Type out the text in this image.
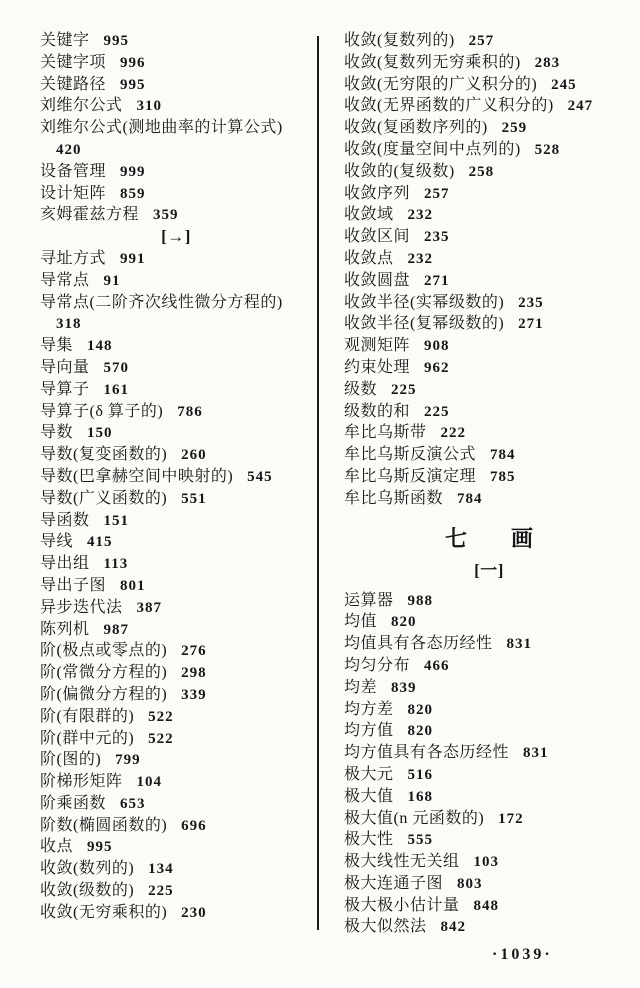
关键字 995
关键字项 996
关键路径 995
刘维尔公式 310
刘维尔公式(测地曲率的计算公式)
420
设备管理 999
设计矩阵 859
亥姆霍兹方程 359
[→]
寻址方式 991
导常点 91
导常点(二阶齐次线性微分方程的)
318
导集 148
导向量 570
导算子 161
导算子(δ 算子的) 786
导数 150
导数(复变函数的) 260
导数(巴拿赫空间中映射的) 545
导数(广义函数的) 551
导函数 151
导线 415
导出组 113
导出子图 801
异步迭代法 387
陈列机 987
阶(极点或零点的) 276
阶(常微分方程的) 298
阶(偏微分方程的) 339
阶(有限群的) 522
阶(群中元的) 522
阶(图的) 799
阶梯形矩阵 104
阶乘函数 653
阶数(椭圆函数的) 696
收点 995
收敛(数列的) 134
收敛(级数的) 225
收敛(无穷乘积的) 230
收敛(复数列的) 257
收敛(复数列无穷乘积的) 283
收敛(无穷限的广义积分的) 245
收敛(无界函数的广义积分的) 247
收敛(复函数序列的) 259
收敛(度量空间中点列的) 528
收敛的(复级数) 258
收敛序列 257
收敛域 232
收敛区间 235
收敛点 232
收敛圆盘 271
收敛半径(实幂级数的) 235
收敛半径(复幂级数的) 271
观测矩阵 908
约束处理 962
级数 225
级数的和 225
牟比乌斯带 222
牟比乌斯反演公式 784
牟比乌斯反演定理 785
牟比乌斯函数 784
七　　画
[一]
运算器 988
均值 820
均值具有各态历经性 831
均匀分布 466
均差 839
均方差 820
均方值 820
均方值具有各态历经性 831
极大元 516
极大值 168
极大值(n 元函数的) 172
极大性 555
极大线性无关组 103
极大连通子图 803
极大极小估计量 848
极大似然法 842
·1039·
